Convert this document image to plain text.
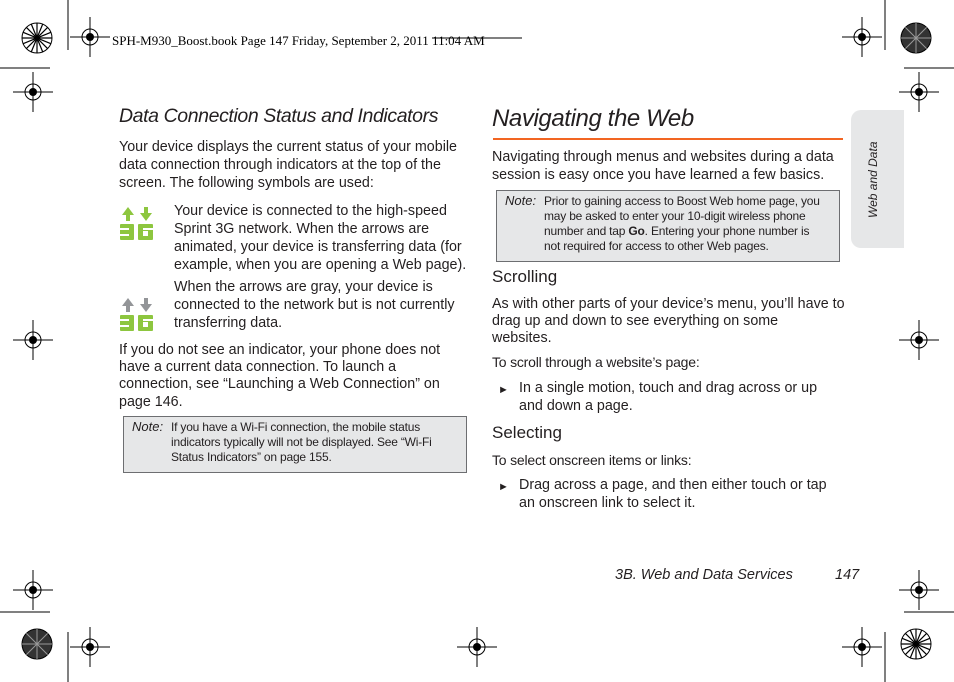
SPH-M930_Boost.book Page 147 Friday, September 2, 2011 11:04 AM
Web and Data
Data Connection Status and Indicators
Your device displays the current status of your mobile
data connection through indicators at the top of the
screen. The following symbols are used:
Your device is connected to the high-speed
Sprint 3G network. When the arrows are
animated, your device is transferring data (for
example, when you are opening a Web page).
When the arrows are gray, your device is
connected to the network but is not currently
transferring data.
If you do not see an indicator, your phone does not
have a current data connection. To launch a
connection, see “Launching a Web Connection” on
page 146.
Note: If you have a Wi-Fi connection, the mobile status
indicators typically will not be displayed. See “Wi-Fi
Status Indicators” on page 155.
Navigating the Web
Navigating through menus and websites during a data
session is easy once you have learned a few basics.
Note: Prior to gaining access to Boost Web home page, you
may be asked to enter your 10-digit wireless phone
number and tap Go. Entering your phone number is
not required for access to other Web pages.
Scrolling
As with other parts of your device’s menu, you’ll have to
drag up and down to see everything on some
websites.
To scroll through a website’s page:
► In a single motion, touch and drag across or up
and down a page.
Selecting
To select onscreen items or links:
► Drag across a page, and then either touch or tap
an onscreen link to select it.
3B. Web and Data Services	147
